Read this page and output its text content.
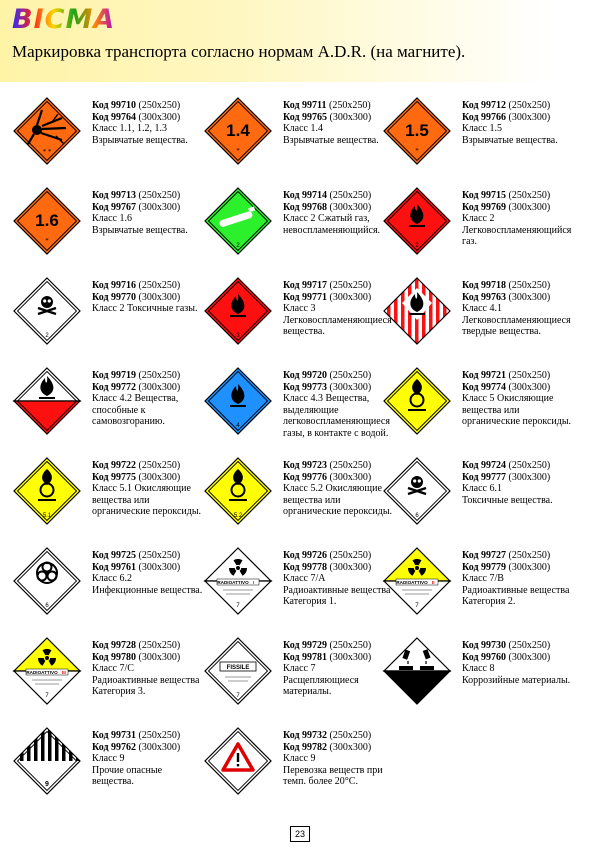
BICMA
Маркировка транспорта согласно нормам A.D.R. (на магните).
* *
Код 99710 (250x250)
Код 99764 (300x300)
Класс 1.1, 1.2, 1.3
Взрывчатые вещества.
1.4
*
Код 99711 (250x250)
Код 99765 (300x300)
Класс 1.4
Взрывчатые вещества.
1.5
*
Код 99712 (250x250)
Код 99766 (300x300)
Класс 1.5
Взрывчатые вещества.
1.6
*
Код 99713 (250x250)
Код 99767 (300x300)
Класс 1.6
Взрывчатые вещества.
2
Код 99714 (250x250)
Код 99768 (300x300)
Класс 2 Сжатый газ,
невоспламеняющийся.
2
Код 99715 (250x250)
Код 99769 (300x300)
Класс 2
Легковоспламеняющийся газ.
2
Код 99716 (250x250)
Код 99770 (300x300)
Класс 2 Токсичные газы.
3
Код 99717 (250x250)
Код 99771 (300x300)
Класс 3
Легковоспламеняющиеся вещества.
Код 99718 (250x250)
Код 99763 (300x300)
Класс 4.1
Легковоспламеняющиеся твердые вещества.
Код 99719 (250x250)
Код 99772 (300x300)
Класс 4.2 Вещества,
способные к самовозгоранию.	4
Код 99720 (250x250)
Код 99773 (300x300)
Класс 4.3 Вещества,
выделяющие легковоспламеняющиеся газы, в контакте с водой.
Код 99721 (250x250)
Код 99774 (300x300)
Класс 5 Окисляющие
вещества или органические пероксиды.
5.1
Код 99722 (250x250)
Код 99775 (300x300)
Класс 5.1 Окисляющие
вещества или органические пероксиды.	5.2
Код 99723 (250x250)
Код 99776 (300x300)
Класс 5.2 Окисляющие
вещества или органические пероксиды.	6
Код 99724 (250x250)
Код 99777 (300x300)
Класс 6.1
Токсичные вещества.
6
Код 99725 (250x250)
Код 99761 (300x300)
Класс 6.2
Инфекционные вещества.
RADIOATTIVO I
7
Код 99726 (250x250)
Код 99778 (300x300)
Класс 7/A
Радиоактивные вещества Категория 1.
RADIOATTIVO II
7
Код 99727 (250x250)
Код 99779 (300x300)
Класс 7/B
Радиоактивные вещества Категория 2.
RADIOATTIVO III
7
Код 99728 (250x250)
Код 99780 (300x300)
Класс 7/C
Радиоактивные вещества Категория 3.
FISSILE
7
Код 99729 (250x250)
Код 99781 (300x300)
Класс 7
Расщепляющиеся материалы.
Код 99730 (250x250)
Код 99760 (300x300)
Класс 8
Коррозийные материалы.
9
Код 99731 (250x250)
Код 99762 (300x300)
Класс 9
Прочие опасные вещества.
Код 99732 (250x250)
Код 99782 (300x300)
Класс 9
Перевозка веществ при темп. более 20°C.
23
